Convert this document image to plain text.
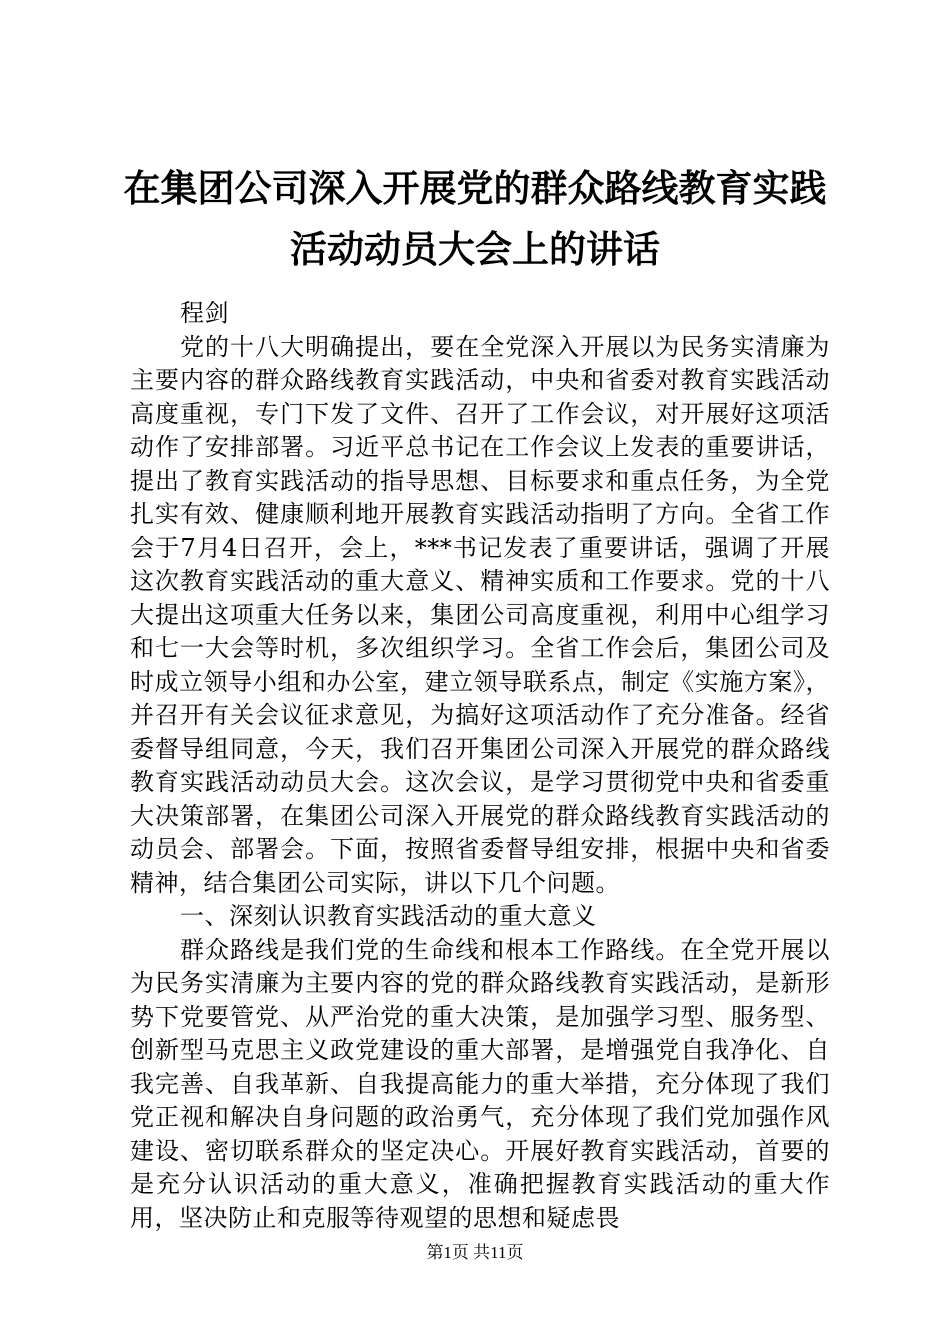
在集团公司深入开展党的群众路线教育实践活动动员大会上的讲话

程剑

党的十八大明确提出，要在全党深入开展以为民务实清廉为主要内容的群众路线教育实践活动，中央和省委对教育实践活动高度重视，专门下发了文件、召开了工作会议，对开展好这项活动作了安排部署。习近平总书记在工作会议上发表的重要讲话，提出了教育实践活动的指导思想、目标要求和重点任务，为全党扎实有效、健康顺利地开展教育实践活动指明了方向。全省工作会于7月4日召开，会上，***书记发表了重要讲话，强调了开展这次教育实践活动的重大意义、精神实质和工作要求。党的十八大提出这项重大任务以来，集团公司高度重视，利用中心组学习和七一大会等时机，多次组织学习。全省工作会后，集团公司及时成立领导小组和办公室，建立领导联系点，制定《实施方案》，并召开有关会议征求意见，为搞好这项活动作了充分准备。经省委督导组同意，今天，我们召开集团公司深入开展党的群众路线教育实践活动动员大会。这次会议，是学习贯彻党中央和省委重大决策部署，在集团公司深入开展党的群众路线教育实践活动的动员会、部署会。下面，按照省委督导组安排，根据中央和省委精神，结合集团公司实际，讲以下几个问题。

一、深刻认识教育实践活动的重大意义

群众路线是我们党的生命线和根本工作路线。在全党开展以为民务实清廉为主要内容的党的群众路线教育实践活动，是新形势下党要管党、从严治党的重大决策，是加强学习型、服务型、创新型马克思主义政党建设的重大部署，是增强党自我净化、自我完善、自我革新、自我提高能力的重大举措，充分体现了我们党正视和解决自身问题的政治勇气，充分体现了我们党加强作风建设、密切联系群众的坚定决心。开展好教育实践活动，首要的是充分认识活动的重大意义，准确把握教育实践活动的重大作用，坚决防止和克服等待观望的思想和疑虑畏

第1页 共11页
